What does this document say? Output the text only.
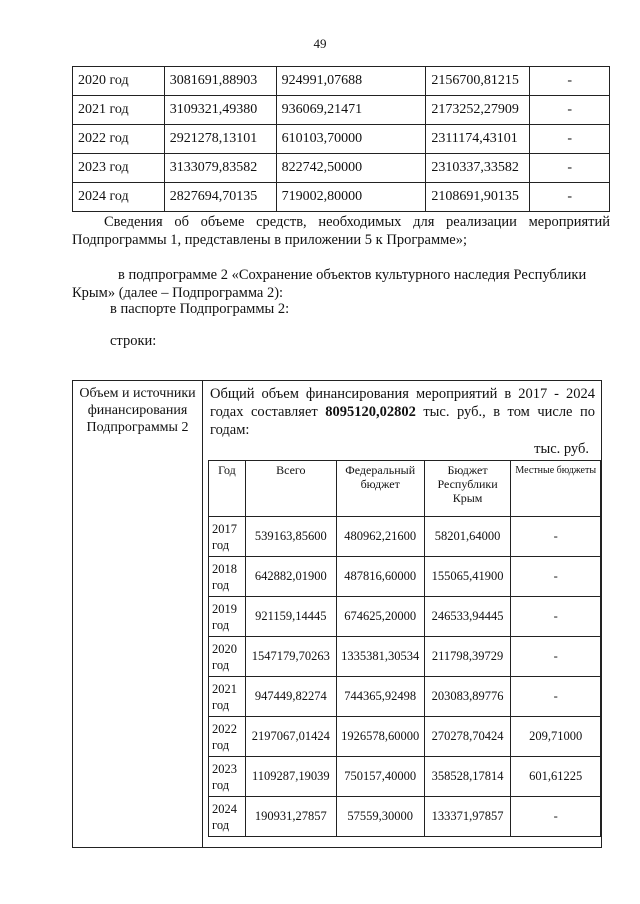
49
2020 год	3081691,88903	924991,07688	2156700,81215	-
2021 год	3109321,49380	936069,21471	2173252,27909	-
2022 год	2921278,13101	610103,70000	2311174,43101	-
2023 год	3133079,83582	822742,50000	2310337,33582	-
2024 год	2827694,70135	719002,80000	2108691,90135	-
Сведения об объеме средств, необходимых для реализации мероприятий Подпрограммы 1, представлены в приложении 5 к Программе»;
в подпрограмме 2 «Сохранение объектов культурного наследия Республики Крым» (далее – Подпрограмма 2):
в паспорте Подпрограммы 2:
строки:
Объем и источники финансирования Подпрограммы 2
Общий объем финансирования мероприятий в 2017 - 2024 годах составляет 8095120,02802 тыс. руб., в том числе по годам:
тыс. руб.
Год	Всего	Федеральный бюджет	Бюджет Республики Крым	Местные бюджеты
2017 год	539163,85600	480962,21600	58201,64000	-
2018 год	642882,01900	487816,60000	155065,41900	-
2019 год	921159,14445	674625,20000	246533,94445	-
2020 год	1547179,70263	1335381,30534	211798,39729	-
2021 год	947449,82274	744365,92498	203083,89776	-
2022 год	2197067,01424	1926578,60000	270278,70424	209,71000
2023 год	1109287,19039	750157,40000	358528,17814	601,61225
2024 год	190931,27857	57559,30000	133371,97857	-
